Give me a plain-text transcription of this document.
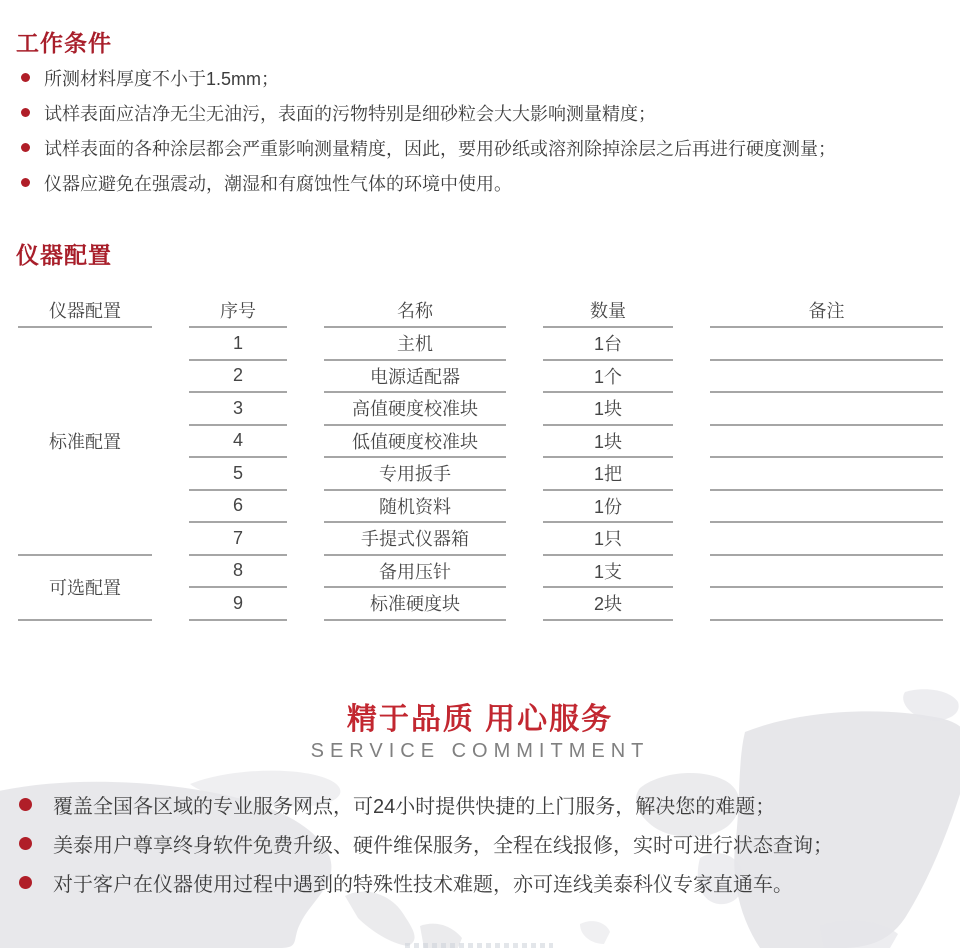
工作条件
所测材料厚度不小于1.5mm；
试样表面应洁净无尘无油污，表面的污物特别是细砂粒会大大影响测量精度；
试样表面的各种涂层都会严重影响测量精度，因此，要用砂纸或溶剂除掉涂层之后再进行硬度测量；
仪器应避免在强震动，潮湿和有腐蚀性气体的环境中使用。
仪器配置
仪器配置
标准配置
可选配置
序号
1
2
3
4
5
6
7
8
9
名称
主机
电源适配器
高值硬度校准块
低值硬度校准块
专用扳手
随机资料
手提式仪器箱
备用压针
标准硬度块
数量
1台
1个
1块
1块
1把
1份
1只
1支
2块
备注
精于品质 用心服务
SERVICE COMMITMENT
覆盖全国各区域的专业服务网点，可24小时提供快捷的上门服务，解决您的难题；
美泰用户尊享终身软件免费升级、硬件维保服务，全程在线报修，实时可进行状态查询；
对于客户在仪器使用过程中遇到的特殊性技术难题，亦可连线美泰科仪专家直通车。
